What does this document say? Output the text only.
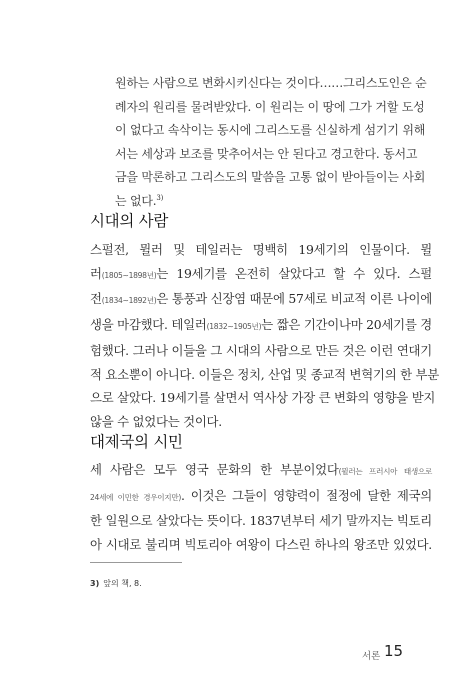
원하는 사람으로 변화시키신다는 것이다……그리스도인은 순

례자의 원리를 물려받았다. 이 원리는 이 땅에 그가 거할 도성

이 없다고 속삭이는 동시에 그리스도를 신실하게 섬기기 위해

서는 세상과 보조를 맞추어서는 안 된다고 경고한다. 동서고

금을 막론하고 그리스도의 말씀을 고통 없이 받아들이는 사회

는 없다.$^{3)}$

시대의 사람

스펄전, 뮐러 및 테일러는 명백히 19세기의 인물이다. 뮐

러(1805~1898년)는 19세기를 온전히 살았다고 할 수 있다. 스펄

전(1834~1892년)은 통풍과 신장염 때문에 57세로 비교적 이른 나이에

생을 마감했다. 테일러(1832~1905년)는 짧은 기간이나마 20세기를 경

험했다. 그러나 이들을 그 시대의 사람으로 만든 것은 이런 연대기

적 요소뿐이 아니다. 이들은 정치, 산업 및 종교적 변혁기의 한 부분

으로 살았다. 19세기를 살면서 역사상 가장 큰 변화의 영향을 받지

않을 수 없었다는 것이다.

대제국의 시민

세 사람은 모두 영국 문화의 한 부분이었다(뮐러는 프러시아 태생으로

24세에 이민한 경우이지만). 이것은 그들이 영향력이 절정에 달한 제국의

한 일원으로 살았다는 뜻이다. 1837년부터 세기 말까지는 빅토리

아 시대로 불리며 빅토리아 여왕이 다스린 하나의 왕조만 있었다.

3) 앞의 책, 8.

서론 15
